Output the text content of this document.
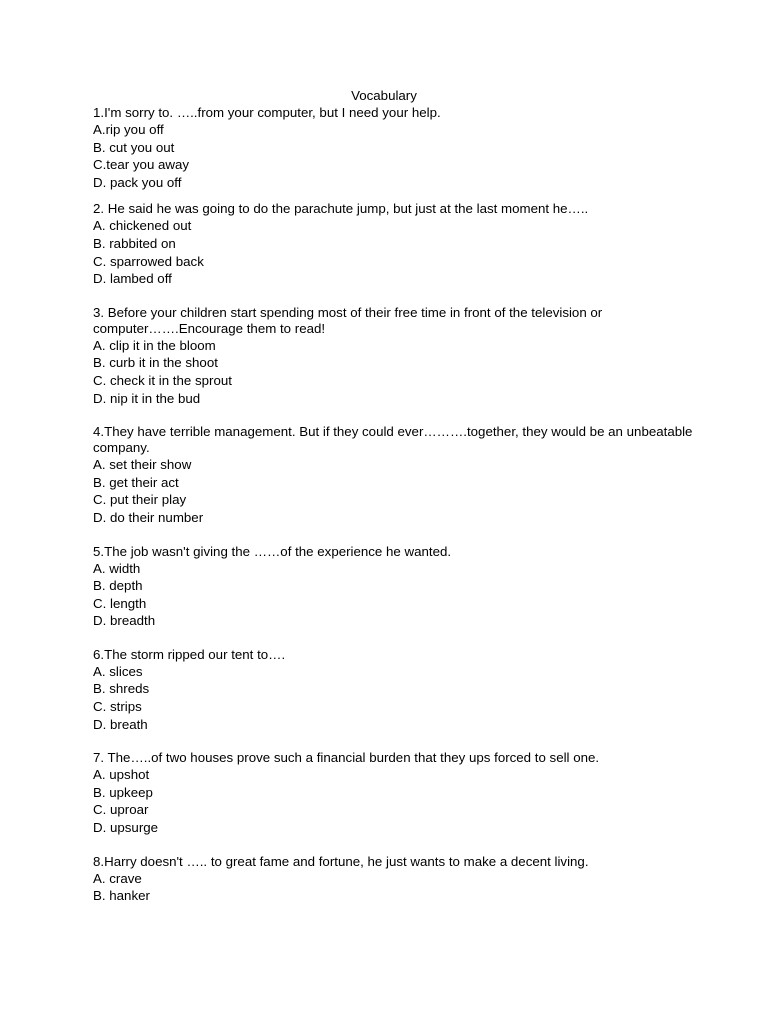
Vocabulary
1.I'm sorry to. …..from your computer, but I need your help.
A.rip you off
B. cut you out
C.tear you away
D. pack you off
2. He said he was going to do the parachute jump, but just at the last moment he…..
A. chickened out
B. rabbited on
C. sparrowed back
D. lambed off
3. Before your children start spending most of their free time in front of the television or computer…….Encourage them to read!
A. clip it in the bloom
B. curb it in the shoot
C. check it in the sprout
D. nip it in the bud
4.They have terrible management. But if they could ever……….together, they would be an unbeatable company.
A. set their show
B. get their act
C. put their play
D. do their number
5.The job wasn't giving the ……of the experience he wanted.
A. width
B. depth
C. length
D. breadth
6.The storm ripped our tent to….
A. slices
B. shreds
C. strips
D. breath
7. The…..of two houses prove such a financial burden that they ups forced to sell one.
A. upshot
B. upkeep
C. uproar
D. upsurge
8.Harry doesn't ….. to great fame and fortune, he just wants to make a decent living.
A. crave
B. hanker
